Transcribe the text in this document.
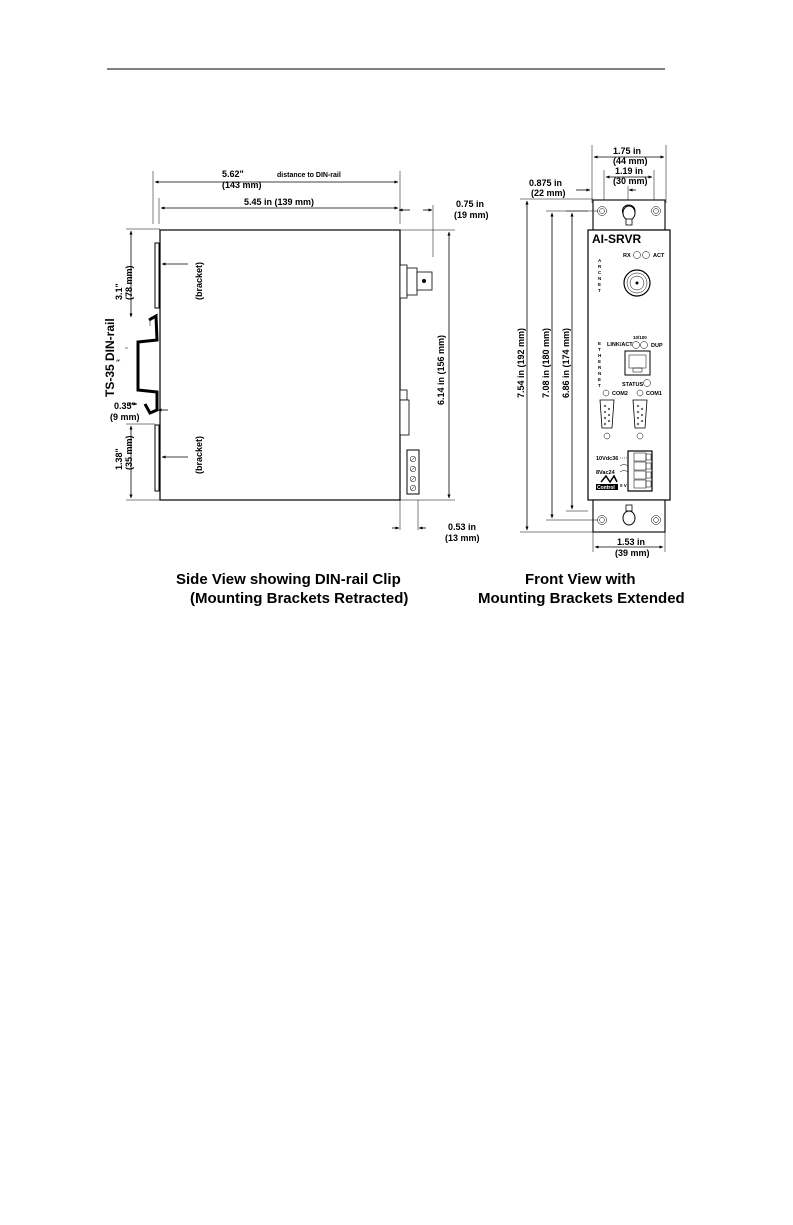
5.62"
(143 mm)
distance to DIN-rail
5.45 in (139 mm)	0.75 in
(19 mm)
(bracket)
(bracket)
3.1" (78 mm)
TS-35 DIN-rail ꟻ
0.35"
(9 mm)
1.38" (35 mm)
6.14 in (156 mm)
0.53 in
(13 mm)
Side View showing DIN-rail Clip
(Mounting Brackets Retracted)
1.75 in
(44 mm)
1.19 in
(30 mm)
0.875 in
(22 mm)
AI-SRVR
RX	ACT
A
R
C
N
E
T
10/100
LINK/ACT	DUP
E
T
H
E
R
N
E
T	STATUS
COM2	COM1
10Vdc36
8Vac24
0 V
Control
7.54 in (192 mm) 7.08 in (180 mm) 6.86 in (174 mm)
1.53 in
(39 mm)
Front View with
Mounting Brackets Extended
